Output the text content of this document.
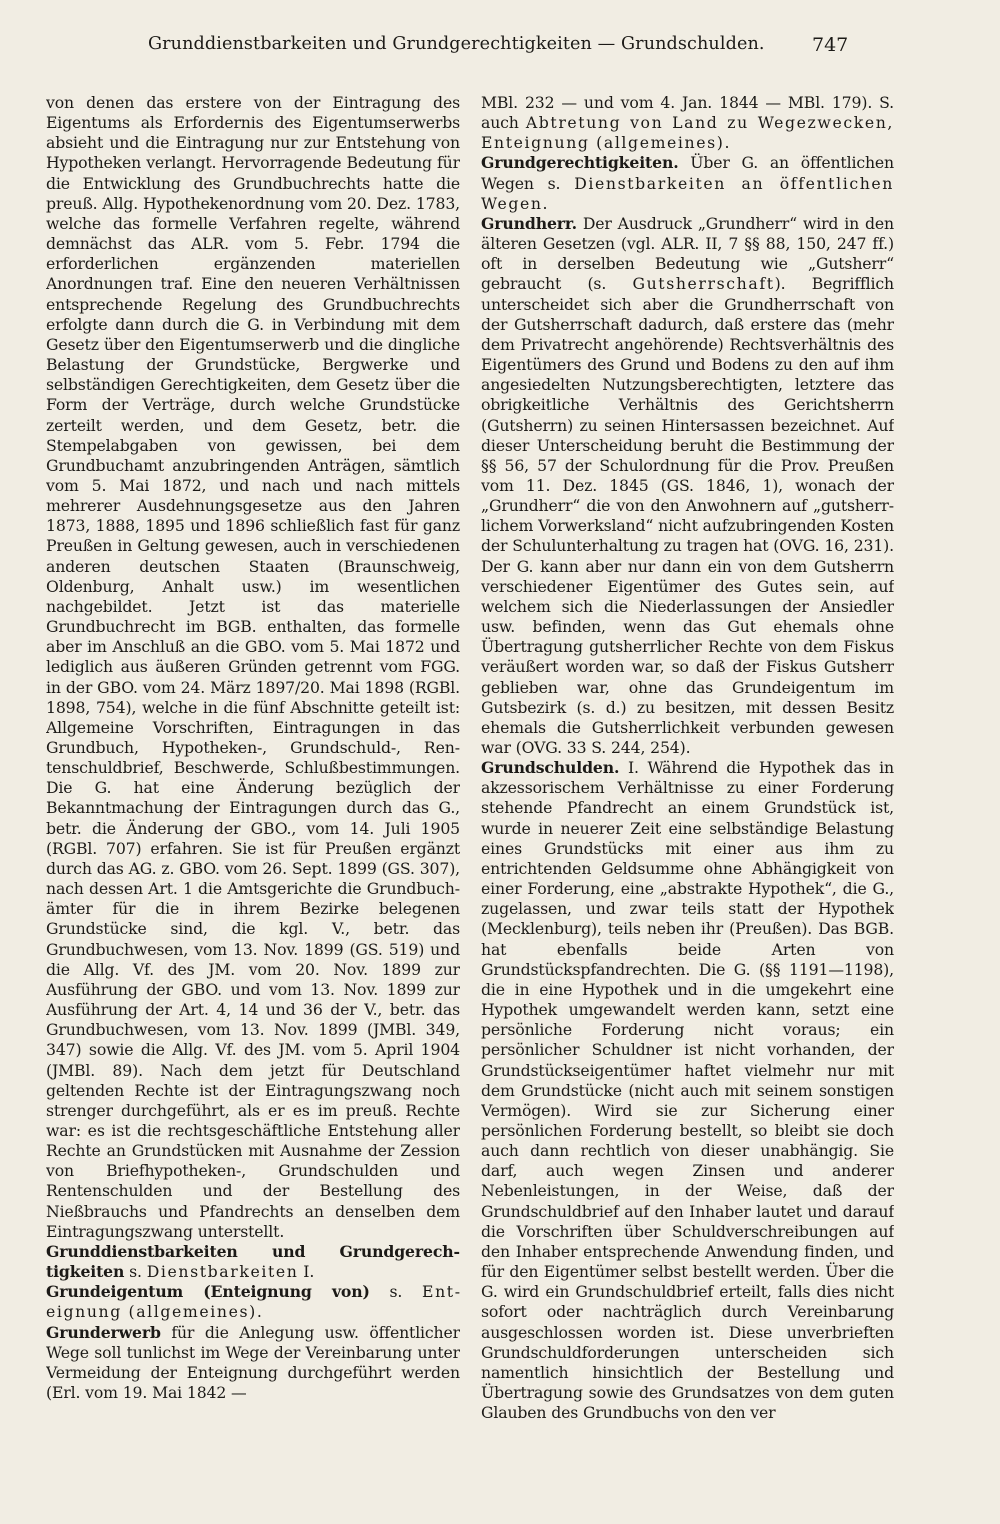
Grunddienstbarkeiten und Grundgerechtigkeiten — Grundschulden.	747

von denen das erstere von der Eintragung des Eigentums als Erfordernis des Eigentumserwerbs absieht und die Eintragung nur zur Entstehung von Hypotheken verlangt. Hervorragende Bedeutung für die Entwicklung des Grundbuchrechts hatte die preuß. Allg. Hypothekenordnung vom 20. Dez. 1783, welche das formelle Verfahren regelte, während demnächst das ALR. vom 5. Febr. 1794 die erforderlichen ergänzenden materiellen Anordnungen traf. Eine den neueren Verhältnissen entsprechende Regelung des Grundbuchrechts erfolgte dann durch die G. in Verbindung mit dem Gesetz über den Eigentumserwerb und die dingliche Belastung der Grundstücke, Bergwerke und selbständigen Gerechtigkeiten, dem Gesetz über die Form der Verträge, durch welche Grundstücke zerteilt werden, und dem Gesetz, betr. die Stempelabgaben von gewissen, bei dem Grundbuchamt anzubringenden Anträgen, sämtlich vom 5. Mai 1872, und nach und nach mittels mehrerer Ausdehnungsgesetze aus den Jahren 1873, 1888, 1895 und 1896 schließlich fast für ganz Preußen in Geltung gewesen, auch in verschiedenen anderen deutschen Staaten (Braunschweig, Oldenburg, Anhalt usw.) im wesentlichen nachgebildet. Jetzt ist das materielle Grundbuchrecht im BGB. enthalten, das formelle aber im Anschluß an die GBO. vom 5. Mai 1872 und lediglich aus äußeren Gründen getrennt vom FGG. in der GBO. vom 24. März 1897/20. Mai 1898 (RGBl. 1898, 754), welche in die fünf Abschnitte geteilt ist: Allgemeine Vorschriften, Eintragungen in das Grundbuch, Hypotheken-, Grundschuld-, Rentenschuldbrief, Beschwerde, Schlußbestimmungen. Die G. hat eine Änderung bezüglich der Bekanntmachung der Eintragungen durch das G., betr. die Änderung der GBO., vom 14. Juli 1905 (RGBl. 707) erfahren. Sie ist für Preußen ergänzt durch das AG. z. GBO. vom 26. Sept. 1899 (GS. 307), nach dessen Art. 1 die Amtsgerichte die Grundbuchämter für die in ihrem Bezirke belegenen Grundstücke sind, die kgl. V., betr. das Grundbuchwesen, vom 13. Nov. 1899 (GS. 519) und die Allg. Vf. des JM. vom 20. Nov. 1899 zur Ausführung der GBO. und vom 13. Nov. 1899 zur Ausführung der Art. 4, 14 und 36 der V., betr. das Grundbuchwesen, vom 13. Nov. 1899 (JMBl. 349, 347) sowie die Allg. Vf. des JM. vom 5. April 1904 (JMBl. 89). Nach dem jetzt für Deutschland geltenden Rechte ist der Eintragungszwang noch strenger durchgeführt, als er es im preuß. Rechte war: es ist die rechtsgeschäftliche Entstehung aller Rechte an Grundstücken mit Ausnahme der Zession von Briefhypotheken-, Grundschulden und Rentenschulden und der Bestellung des Nießbrauchs und Pfandrechts an denselben dem Eintragungszwang unterstellt.

Grunddienstbarkeiten und Grundgerechtigkeiten s. Dienstbarkeiten I.

Grundeigentum (Enteignung von) s. Enteignung (allgemeines).

Grunderwerb für die Anlegung usw. öffentlicher Wege soll tunlichst im Wege der Vereinbarung unter Vermeidung der Enteignung durchgeführt werden (Erl. vom 19. Mai 1842 —

MBl. 232 — und vom 4. Jan. 1844 — MBl. 179). S. auch Abtretung von Land zu Wegezwecken, Enteignung (allgemeines).

Grundgerechtigkeiten. Über G. an öffentlichen Wegen s. Dienstbarkeiten an öffentlichen Wegen.

Grundherr. Der Ausdruck „Grundherr“ wird in den älteren Gesetzen (vgl. ALR. II, 7 §§ 88, 150, 247 ff.) oft in derselben Bedeutung wie „Gutsherr“ gebraucht (s. Gutsherrschaft). Begrifflich unterscheidet sich aber die Grundherrschaft von der Gutsherrschaft dadurch, daß erstere das (mehr dem Privatrecht angehörende) Rechtsverhältnis des Eigentümers des Grund und Bodens zu den auf ihm angesiedelten Nutzungsberechtigten, letztere das obrigkeitliche Verhältnis des Gerichtsherrn (Gutsherrn) zu seinen Hintersassen bezeichnet. Auf dieser Unterscheidung beruht die Bestimmung der §§ 56, 57 der Schulordnung für die Prov. Preußen vom 11. Dez. 1845 (GS. 1846, 1), wonach der „Grundherr“ die von den Anwohnern auf „gutsherrlichem Vorwerksland“ nicht aufzubringenden Kosten der Schulunterhaltung zu tragen hat (OVG. 16, 231). Der G. kann aber nur dann ein von dem Gutsherrn verschiedener Eigentümer des Gutes sein, auf welchem sich die Niederlassungen der Ansiedler usw. befinden, wenn das Gut ehemals ohne Übertragung gutsherrlicher Rechte von dem Fiskus veräußert worden war, so daß der Fiskus Gutsherr geblieben war, ohne das Grundeigentum im Gutsbezirk (s. d.) zu besitzen, mit dessen Besitz ehemals die Gutsherrlichkeit verbunden gewesen war (OVG. 33 S. 244, 254).

Grundschulden. I. Während die Hypothek das in akzessorischem Verhältnisse zu einer Forderung stehende Pfandrecht an einem Grundstück ist, wurde in neuerer Zeit eine selbständige Belastung eines Grundstücks mit einer aus ihm zu entrichtenden Geldsumme ohne Abhängigkeit von einer Forderung, eine „abstrakte Hypothek“, die G., zugelassen, und zwar teils statt der Hypothek (Mecklenburg), teils neben ihr (Preußen). Das BGB. hat ebenfalls beide Arten von Grundstückspfandrechten. Die G. (§§ 1191—1198), die in eine Hypothek und in die umgekehrt eine Hypothek umgewandelt werden kann, setzt eine persönliche Forderung nicht voraus; ein persönlicher Schuldner ist nicht vorhanden, der Grundstückseigentümer haftet vielmehr nur mit dem Grundstücke (nicht auch mit seinem sonstigen Vermögen). Wird sie zur Sicherung einer persönlichen Forderung bestellt, so bleibt sie doch auch dann rechtlich von dieser unabhängig. Sie darf, auch wegen Zinsen und anderer Nebenleistungen, in der Weise, daß der Grundschuldbrief auf den Inhaber lautet und darauf die Vorschriften über Schuldverschreibungen auf den Inhaber entsprechende Anwendung finden, und für den Eigentümer selbst bestellt werden. Über die G. wird ein Grundschuldbrief erteilt, falls dies nicht sofort oder nachträglich durch Vereinbarung ausgeschlossen worden ist. Diese unverbrieften Grundschuldforderungen unterscheiden sich namentlich hinsichtlich der Bestellung und Übertragung sowie des Grundsatzes von dem guten Glauben des Grundbuchs von den ver
